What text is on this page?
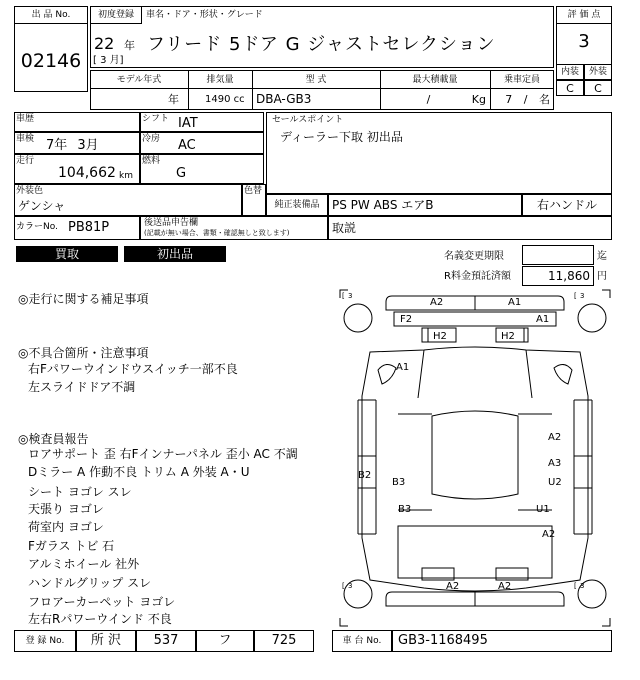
出 品 No.
02146
初度登録	車名・ドア・形状・グレード
22 年
[ 3 月]
フリード 5ドア G ジャストセレクション
評 価 点
3
内装	外装
C	C
モデル年式	排気量	型 式	最大積載量	乗車定員
年	1490 cc DBA-GB3	/ Kg	7 / 名
車歴	シフト IAT
車検 7年 3月	冷房 AC
走行
104,662 km
燃料
G
セールスポイント
ディーラー下取 初出品
外装色
ゲンシャ
色替
純正装備品	PS PW ABS エアB	右ハンドル
カラーNo. PB81P	後送品申告欄
(記載が無い場合、書類・確認無しと致します)	取説
買取	初出品	名義変更期限	迄
R料金預託済額	11,860 円
◎走行に関する補足事項
◎不具合箇所・注意事項
右Fパワーウインドウスイッチ一部不良
左スライドドア不調
◎検査員報告
ロアサポート 歪 右Fインナーパネル 歪小 AC 不調
Dミラー A 作動不良 トリム A 外装 A・U
シート ヨゴレ スレ
天張り ヨゴレ
荷室内 ヨゴレ
Fガラス トビ 石
アルミホイール 社外
ハンドルグリップ スレ
フロアーカーペット ヨゴレ
左右Rパワーウインド 不良
[ 3	[ 3
[ 3	[ 3
A2	A1
F2	A1
H2	H2
A1
A2
A3
U2
B2
B3
B3	U1
A2
A2	A2
登 録 No.	所 沢	537	フ	725	車 台 No.	GB3-1168495
